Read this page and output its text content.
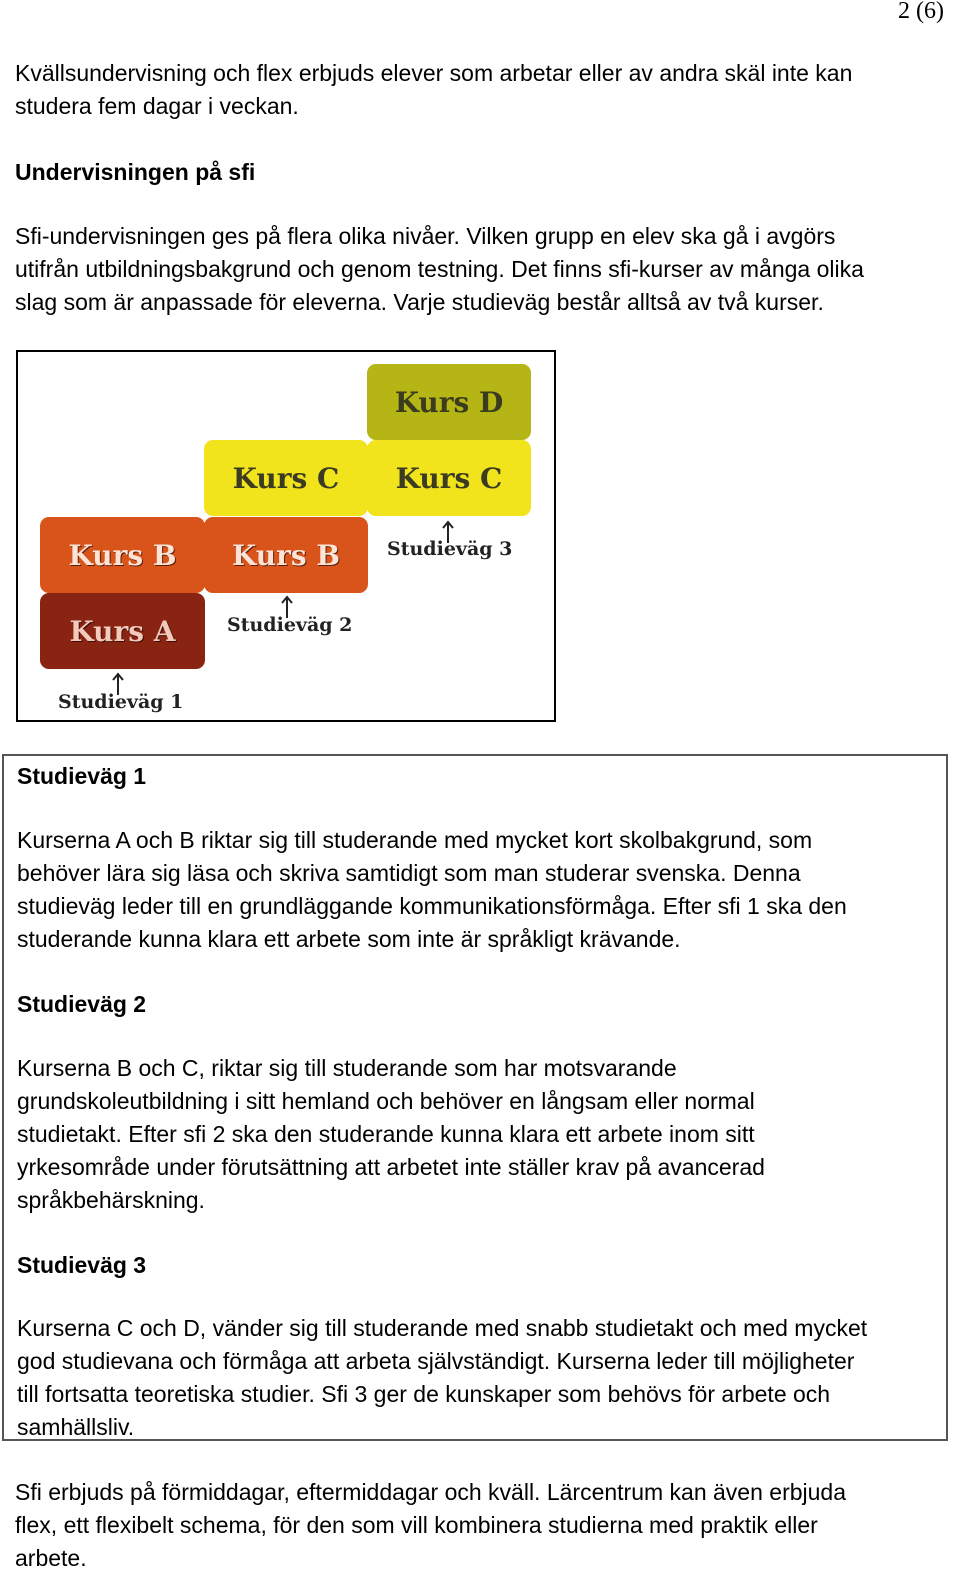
2 (6)

Kvällsundervisning och flex erbjuds elever som arbetar eller av andra skäl inte kan
studera fem dagar i veckan.

Undervisningen på sfi

Sfi-undervisningen ges på flera olika nivåer. Vilken grupp en elev ska gå i avgörs
utifrån utbildningsbakgrund och genom testning. Det finns sfi-kurser av många olika
slag som är anpassade för eleverna. Varje studieväg består alltså av två kurser.

Kurs D
Kurs C	Kurs C
Kurs B	Kurs B
Kurs A
Studieväg 3
Studieväg 2
Studieväg 1

Studieväg 1

Kurserna A och B riktar sig till studerande med mycket kort skolbakgrund, som
behöver lära sig läsa och skriva samtidigt som man studerar svenska. Denna
studieväg leder till en grundläggande kommunikationsförmåga. Efter sfi 1 ska den
studerande kunna klara ett arbete som inte är språkligt krävande.

Studieväg 2

Kurserna B och C, riktar sig till studerande som har motsvarande
grundskoleutbildning i sitt hemland och behöver en långsam eller normal
studietakt. Efter sfi 2 ska den studerande kunna klara ett arbete inom sitt
yrkesområde under förutsättning att arbetet inte ställer krav på avancerad
språkbehärskning.

Studieväg 3

Kurserna C och D, vänder sig till studerande med snabb studietakt och med mycket
god studievana och förmåga att arbeta självständigt. Kurserna leder till möjligheter
till fortsatta teoretiska studier. Sfi 3 ger de kunskaper som behövs för arbete och
samhällsliv.

Sfi erbjuds på förmiddagar, eftermiddagar och kväll. Lärcentrum kan även erbjuda
flex, ett flexibelt schema, för den som vill kombinera studierna med praktik eller
arbete.
